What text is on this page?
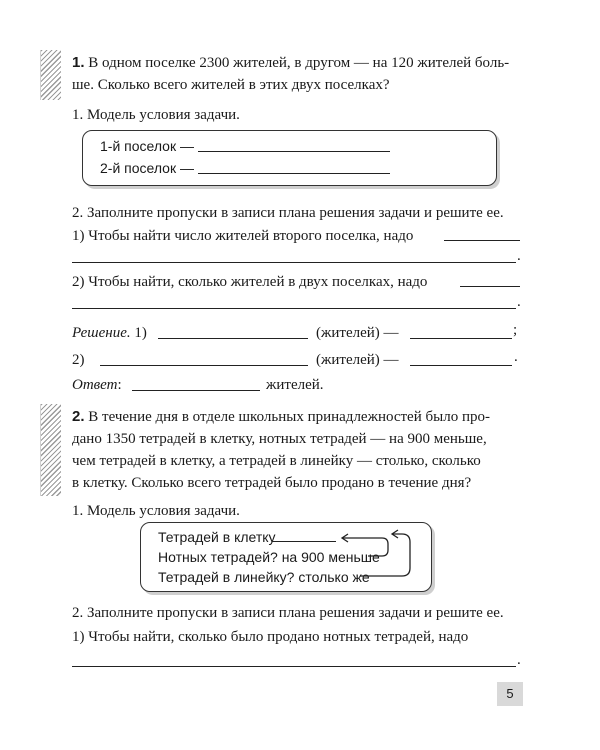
1. В одном поселке 2300 жителей, в другом — на 120 жителей боль-
ше. Сколько всего жителей в этих двух поселках?
1. Модель условия задачи.
1-й поселок —
2-й поселок —
2. Заполните пропуски в записи плана решения задачи и решите ее.
1) Чтобы найти число жителей второго поселка, надо
.
2) Чтобы найти, сколько жителей в двух поселках, надо
.
Решение. 1)	(жителей) —	;
2)	(жителей) —	.
Ответ:	жителей.
2. В течение дня в отделе школьных принадлежностей было про-
дано 1350 тетрадей в клетку, нотных тетрадей — на 900 меньше,
чем тетрадей в клетку, а тетрадей в линейку — столько, сколько
в клетку. Сколько всего тетрадей было продано в течение дня?
1. Модель условия задачи.
Тетрадей в клетку
Нотных тетрадей? на 900 меньше
Тетрадей в линейку? столько же
2. Заполните пропуски в записи плана решения задачи и решите ее.
1) Чтобы найти, сколько было продано нотных тетрадей, надо
.
5
